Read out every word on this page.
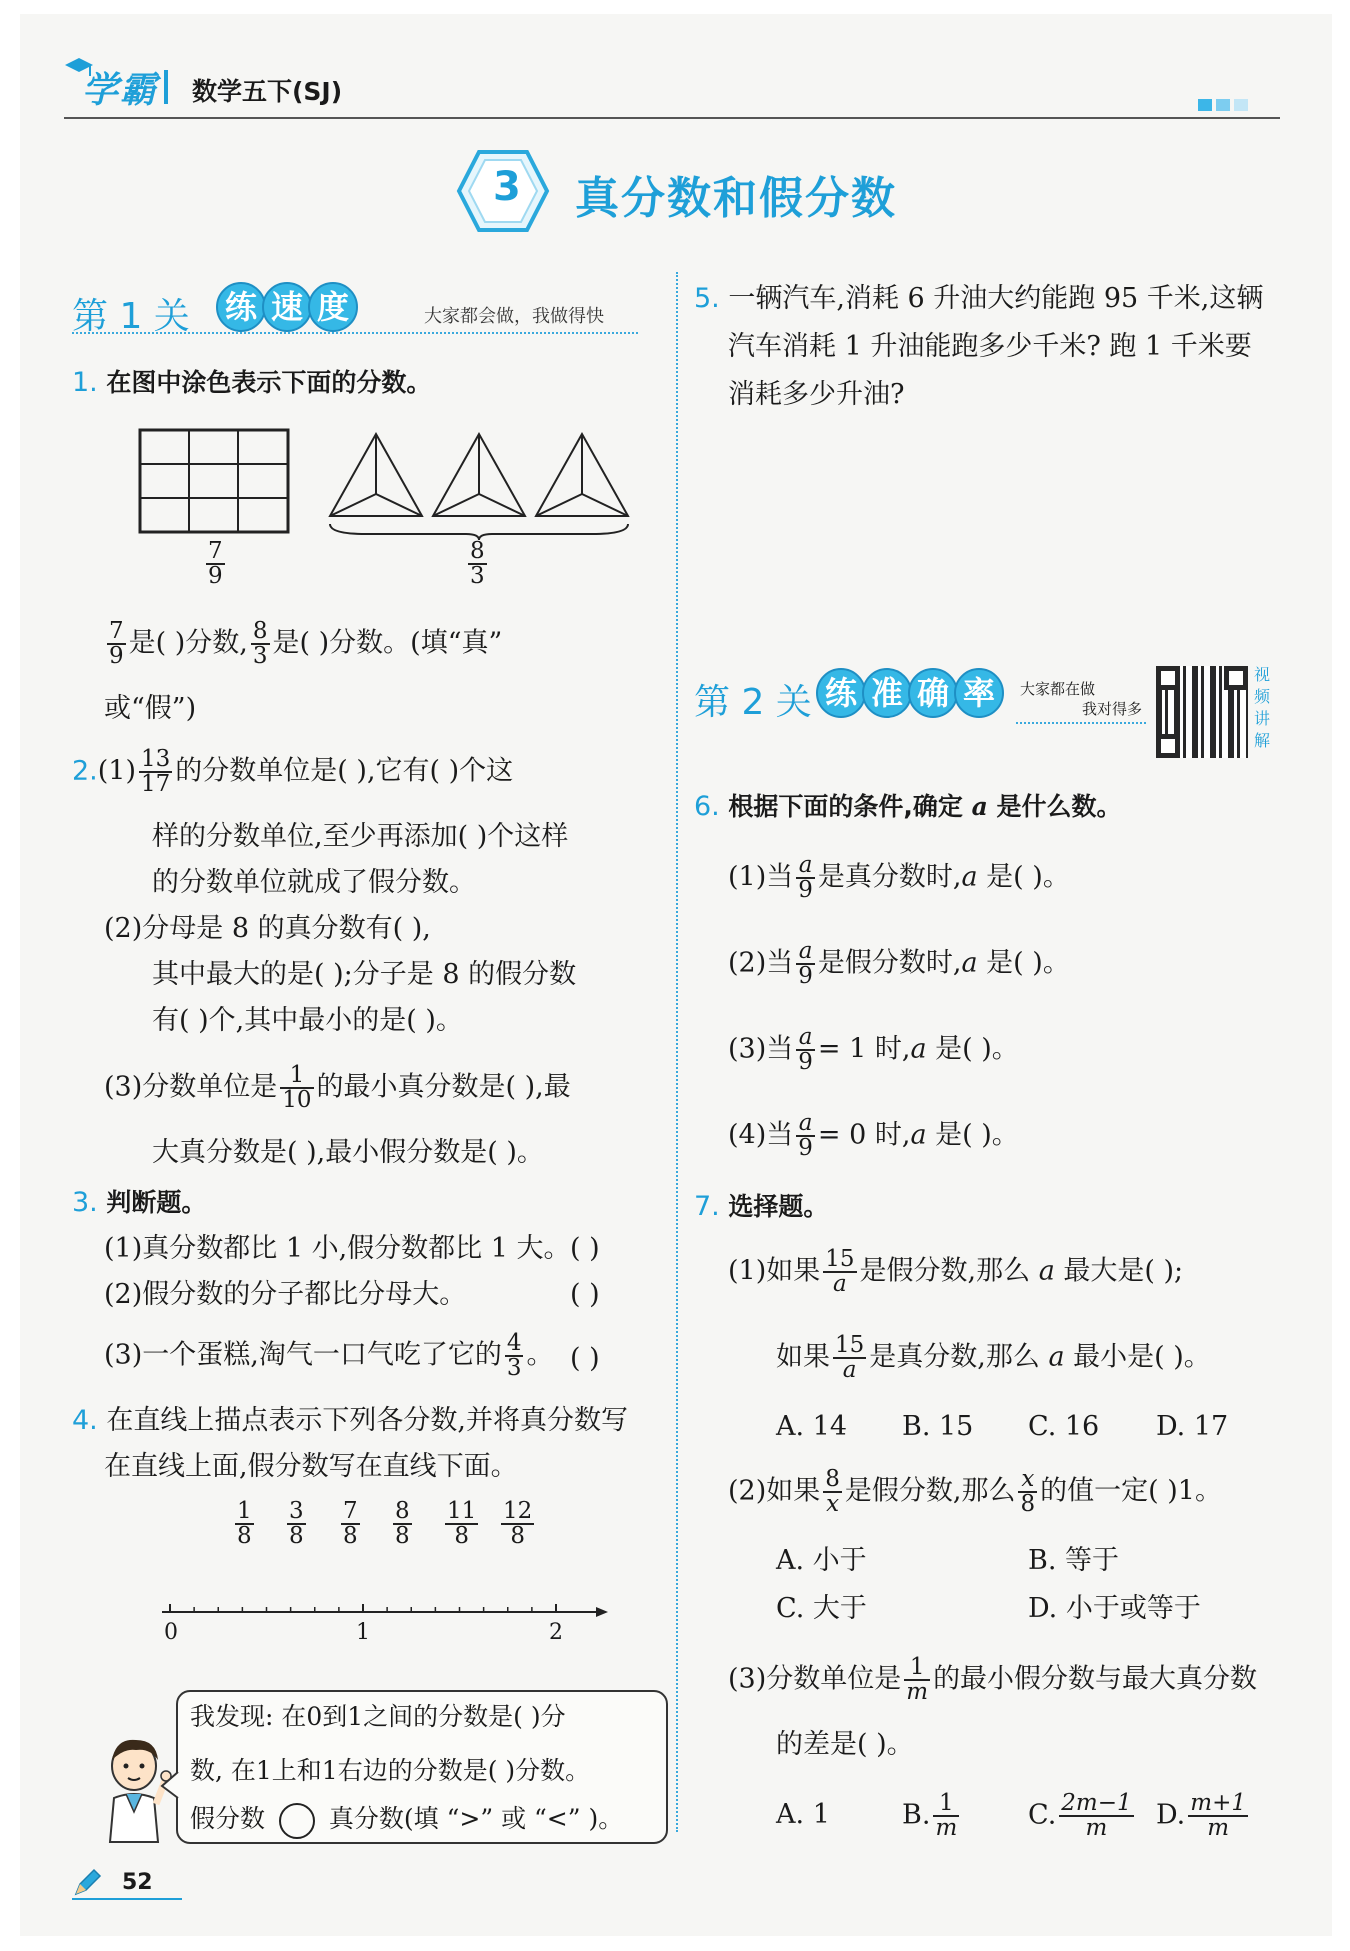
学霸 数学五下(SJ)
3 真分数和假分数
第 1 关 练 速 度	大家都会做，我做得快
1. 在图中涂色表示下面的分数。
$\frac{7}{9}$	$\frac{8}{3}$
$\frac{7}{9}$ 是( )分数, $\frac{8}{3}$ 是( )分数。(填“真”
或“假”)
$2.(1) \frac{13}{17}$ 的分数单位是( ),它有( )个这
样的分数单位,至少再添加( )个这样
的分数单位就成了假分数。
(2)分母是 8 的真分数有( ),
其中最大的是( );分子是 8 的假分数
有( )个,其中最小的是( )。
(3)分数单位是 $\frac{1}{10}$ 的最小真分数是( ),最
大真分数是( ),最小假分数是( )。
3. 判断题。
(1)真分数都比 1 小,假分数都比 1 大。 ( )
(2)假分数的分子都比分母大。	( )
(3)一个蛋糕,淘气一口气吃了它的 $\frac{4}{3}$ 。 ( )
4. 在直线上描点表示下列各分数,并将真分数写
在直线上面,假分数写在直线下面。
$\frac{1}{8} \frac{3}{8} \frac{7}{8} \frac{8}{8} \frac{11}{8} \frac{12}{8}$
0	1	2
我发现: 在0到1之间的分数是( )分
数, 在1上和1右边的分数是( )分数。
假分数	真分数(填 “>” 或 “<” )。
52
5. 一辆汽车,消耗 6 升油大约能跑 95 千米,这辆
汽车消耗 1 升油能跑多少千米? 跑 1 千米要
消耗多少升油?
第 2 关 练 准 确 率	大家都在做
我对得多
视
频
讲
解
6. 根据下面的条件,确定 a 是什么数。
(1)当 $\frac{a}{9}$ 是真分数时,a 是( )。
(2)当 $\frac{a}{9}$ 是假分数时,a 是( )。
(3)当 $\frac{a}{9} = 1$ 时,a 是( )。
(4)当 $\frac{a}{9} = 0$ 时,a 是( )。
7. 选择题。
(1)如果 $\frac{15}{a}$ 是假分数,那么 a 最大是( );
如果 $\frac{15}{a}$ 是真分数,那么 a 最小是( )。
A. 14 B. 15 C. 16 D. 17
(2)如果 $\frac{8}{x}$ 是假分数,那么 $\frac{x}{8}$ 的值一定( )1。
A. 小于	B. 等于
C. 大于	D. 小于或等于
(3)分数单位是 $\frac{1}{m}$ 的最小假分数与最大真分数
的差是( )。
A. 1	B. $\frac{1}{m}$	C. $\frac{2m-1}{m} D$. $\frac{m+1}{m}$
